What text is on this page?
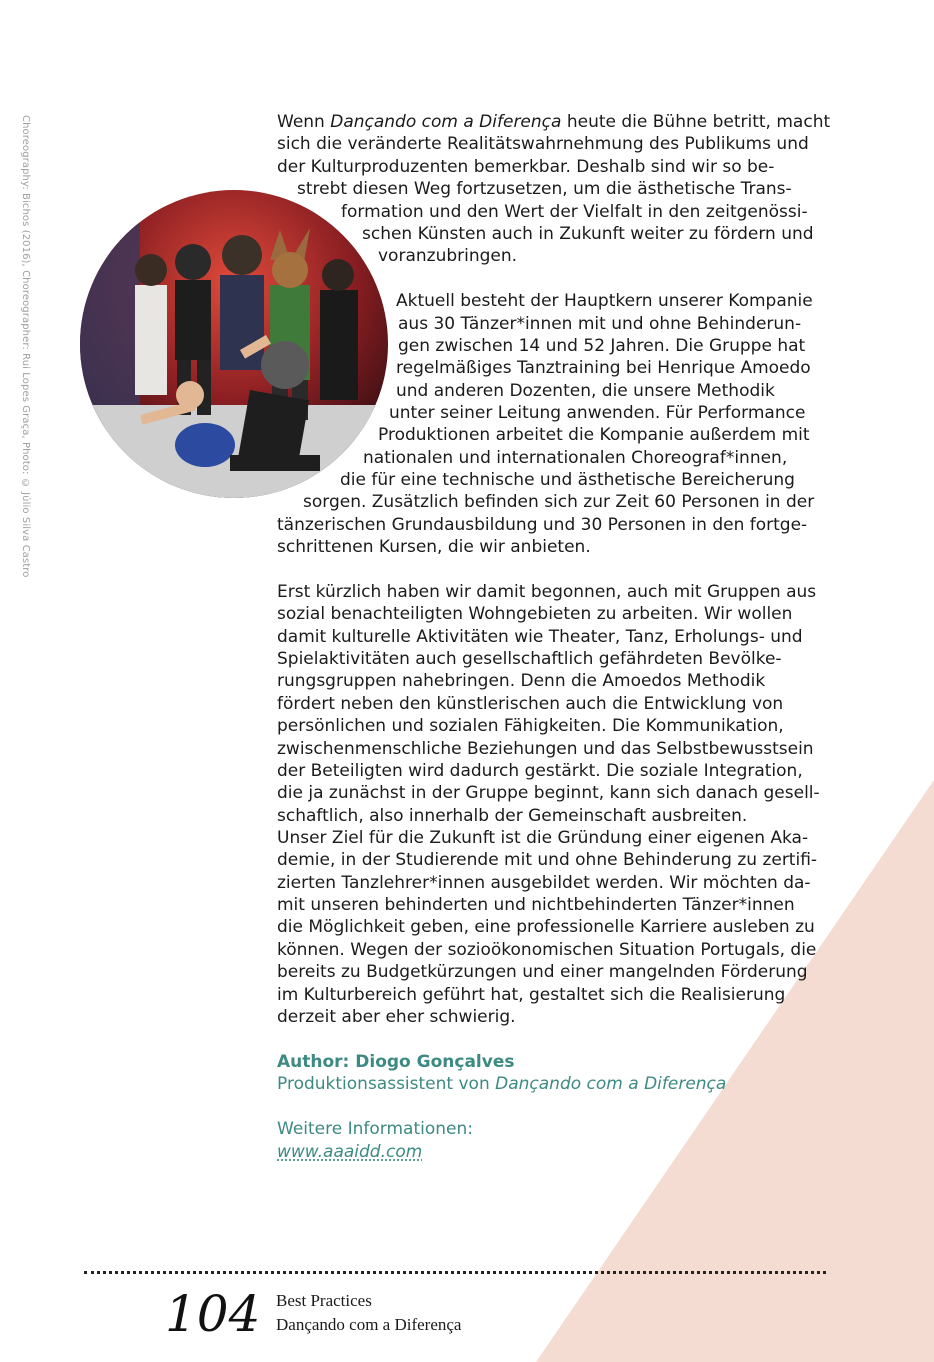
Choreography: Bichos (2016), Choreographer: Rui Lopes Graça, Photo: © Júlio Silva Castro	Wenn Dançando com a Diferença heute die Bühne betritt, macht
sich die veränderte Realitätswahrnehmung des Publikums und
der Kulturproduzenten bemerkbar. Deshalb sind wir so be-
strebt diesen Weg fortzusetzen, um die ästhetische Trans-
formation und den Wert der Vielfalt in den zeitgenössi-
schen Künsten auch in Zukunft weiter zu fördern und
voranzubringen.
Aktuell besteht der Hauptkern unserer Kompanie
aus 30 Tänzer*innen mit und ohne Behinderun-
gen zwischen 14 und 52 Jahren. Die Gruppe hat
regelmäßiges Tanztraining bei Henrique Amoedo
und anderen Dozenten, die unsere Methodik
unter seiner Leitung anwenden. Für Performance
Produktionen arbeitet die Kompanie außerdem mit
nationalen und internationalen Choreograf*innen,
die für eine technische und ästhetische Bereicherung
sorgen. Zusätzlich befinden sich zur Zeit 60 Personen in der
tänzerischen Grundausbildung und 30 Personen in den fortge-
schrittenen Kursen, die wir anbieten.
Erst kürzlich haben wir damit begonnen, auch mit Gruppen aus
sozial benachteiligten Wohngebieten zu arbeiten. Wir wollen
damit kulturelle Aktivitäten wie Theater, Tanz, Erholungs- und
Spielaktivitäten auch gesellschaftlich gefährdeten Bevölke-
rungsgruppen nahebringen. Denn die Amoedos Methodik
fördert neben den künstlerischen auch die Entwicklung von
persönlichen und sozialen Fähigkeiten. Die Kommunikation,
zwischenmenschliche Beziehungen und das Selbstbewusstsein
der Beteiligten wird dadurch gestärkt. Die soziale Integration,
die ja zunächst in der Gruppe beginnt, kann sich danach gesell-
schaftlich, also innerhalb der Gemeinschaft ausbreiten.
Unser Ziel für die Zukunft ist die Gründung einer eigenen Aka-
demie, in der Studierende mit und ohne Behinderung zu zertifi-
zierten Tanzlehrer*innen ausgebildet werden. Wir möchten da-
mit unseren behinderten und nichtbehinderten Tänzer*innen
die Möglichkeit geben, eine professionelle Karriere ausleben zu
können. Wegen der sozioökonomischen Situation Portugals, die
bereits zu Budgetkürzungen und einer mangelnden Förderung
im Kulturbereich geführt hat, gestaltet sich die Realisierung
derzeit aber eher schwierig.
Author: Diogo Gonçalves
Produktionsassistent von Dançando com a Diferença
Weitere Informationen:
www.aaaidd.com
104 Best Practices
Dançando com a Diferença
